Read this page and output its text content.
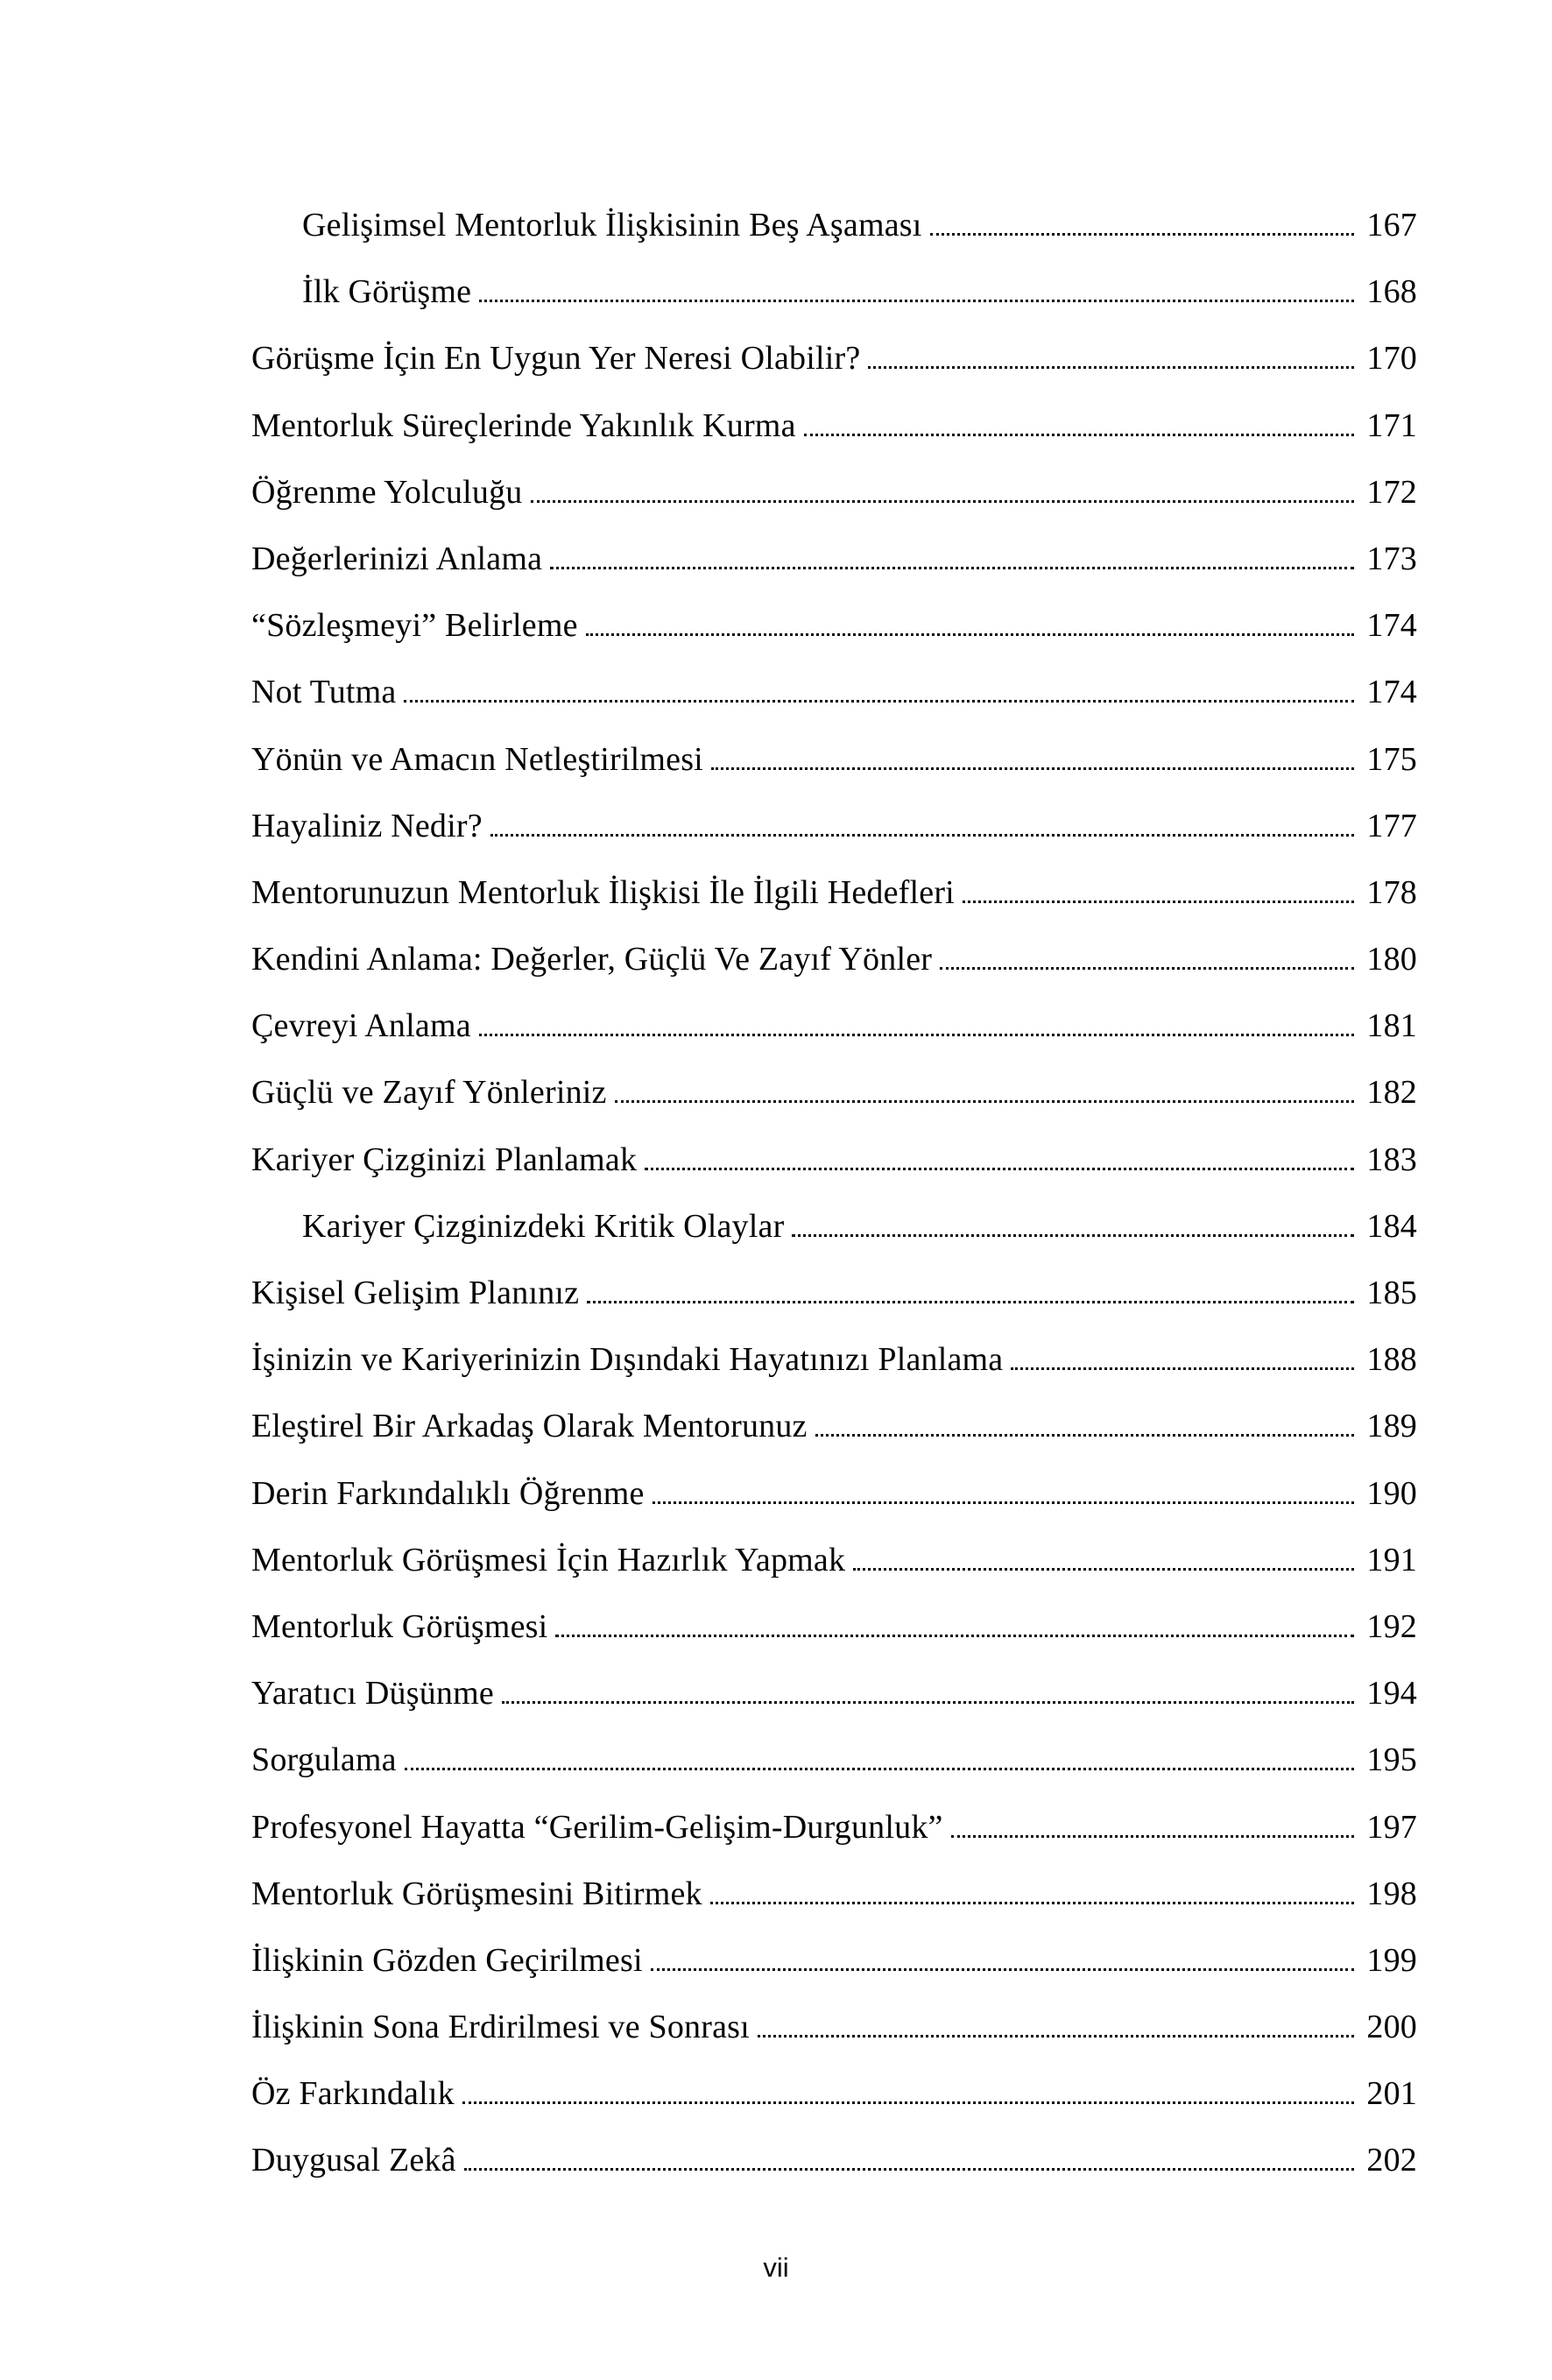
Gelişimsel Mentorluk İlişkisinin Beş Aşaması	167
İlk Görüşme	168
Görüşme İçin En Uygun Yer Neresi Olabilir?	170
Mentorluk Süreçlerinde Yakınlık Kurma	171
Öğrenme Yolculuğu	172
Değerlerinizi Anlama	173
“Sözleşmeyi” Belirleme	174
Not Tutma	174
Yönün ve Amacın Netleştirilmesi	175
Hayaliniz Nedir?	177
Mentorunuzun Mentorluk İlişkisi İle İlgili Hedefleri	178
Kendini Anlama: Değerler, Güçlü Ve Zayıf Yönler	180
Çevreyi Anlama	181
Güçlü ve Zayıf Yönleriniz	182
Kariyer Çizginizi Planlamak	183
Kariyer Çizginizdeki Kritik Olaylar	184
Kişisel Gelişim Planınız	185
İşinizin ve Kariyerinizin Dışındaki Hayatınızı Planlama	188
Eleştirel Bir Arkadaş Olarak Mentorunuz	189
Derin Farkındalıklı Öğrenme	190
Mentorluk Görüşmesi İçin Hazırlık Yapmak	191
Mentorluk Görüşmesi	192
Yaratıcı Düşünme	194
Sorgulama	195
Profesyonel Hayatta “Gerilim-Gelişim-Durgunluk”	197
Mentorluk Görüşmesini Bitirmek	198
İlişkinin Gözden Geçirilmesi	199
İlişkinin Sona Erdirilmesi ve Sonrası	200
Öz Farkındalık	201
Duygusal Zekâ	202
vii
